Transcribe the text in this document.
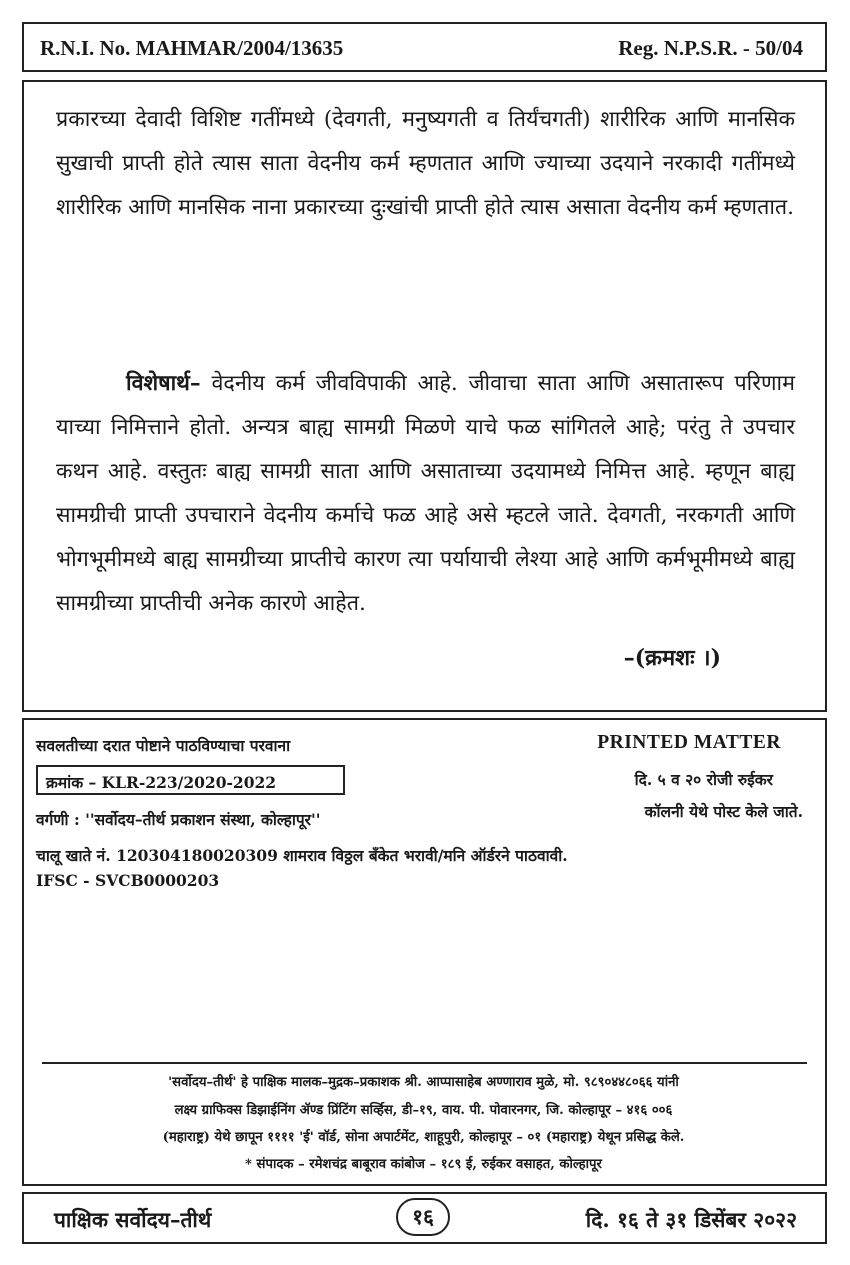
R.N.I. No. MAHMAR/2004/13635	Reg. N.P.S.R. - 50/04
प्रकारच्या देवादी विशिष्ट गतींमध्ये (देवगती, मनुष्यगती व तिर्यंचगती) शारीरिक आणि मानसिक सुखाची प्राप्ती होते त्यास साता वेदनीय कर्म म्हणतात आणि ज्याच्या उदयाने नरकादी गतींमध्ये शारीरिक आणि मानसिक नाना प्रकारच्या दुःखांची प्राप्ती होते त्यास असाता वेदनीय कर्म म्हणतात.
विशेषार्थ– वेदनीय कर्म जीवविपाकी आहे. जीवाचा साता आणि असातारूप परिणाम याच्या निमित्ताने होतो. अन्यत्र बाह्य सामग्री मिळणे याचे फळ सांगितले आहे; परंतु ते उपचार कथन आहे. वस्तुतः बाह्य सामग्री साता आणि असाताच्या उदयामध्ये निमित्त आहे. म्हणून बाह्य सामग्रीची प्राप्ती उपचाराने वेदनीय कर्माचे फळ आहे असे म्हटले जाते. देवगती, नरकगती आणि भोगभूमीमध्ये बाह्य सामग्रीच्या प्राप्तीचे कारण त्या पर्यायाची लेश्या आहे आणि कर्मभूमीमध्ये बाह्य सामग्रीच्या प्राप्तीची अनेक कारणे आहेत.
–(क्रमशः ।)
सवलतीच्या दरात पोष्टाने पाठविण्याचा परवाना
क्रमांक – KLR-223/2020-2022
वर्गणी : ''सर्वोदय–तीर्थ प्रकाशन संस्था, कोल्हापूर''
चालू खाते नं. 120304180020309 शामराव विठ्ठल बँकेत भरावी/मनि ऑर्डरने पाठवावी.
IFSC - SVCB0000203
PRINTED MATTER
दि. ५ व २० रोजी रुईकर
कॉलनी येथे पोस्ट केले जाते.
'सर्वोदय–तीर्थ' हे पाक्षिक मालक–मुद्रक–प्रकाशक श्री. आप्पासाहेब अण्णाराव मुळे, मो. ९८९०४४८०६६ यांनी
लक्ष्य ग्राफिक्स डिझाईनिंग ॲण्ड प्रिंटिंग सर्व्हिस, डी–१९, वाय. पी. पोवारनगर, जि. कोल्हापूर – ४१६ ००६
(महाराष्ट्र) येथे छापून ११११ 'ई' वॉर्ड, सोना अपार्टमेंट, शाहूपुरी, कोल्हापूर – ०१ (महाराष्ट्र) येथून प्रसिद्ध केले.
* संपादक – रमेशचंद्र बाबूराव कांबोज – १८९ ई, रुईकर वसाहत, कोल्हापूर
पाक्षिक सर्वोदय–तीर्थ	१६	दि. १६ ते ३१ डिसेंबर २०२२
